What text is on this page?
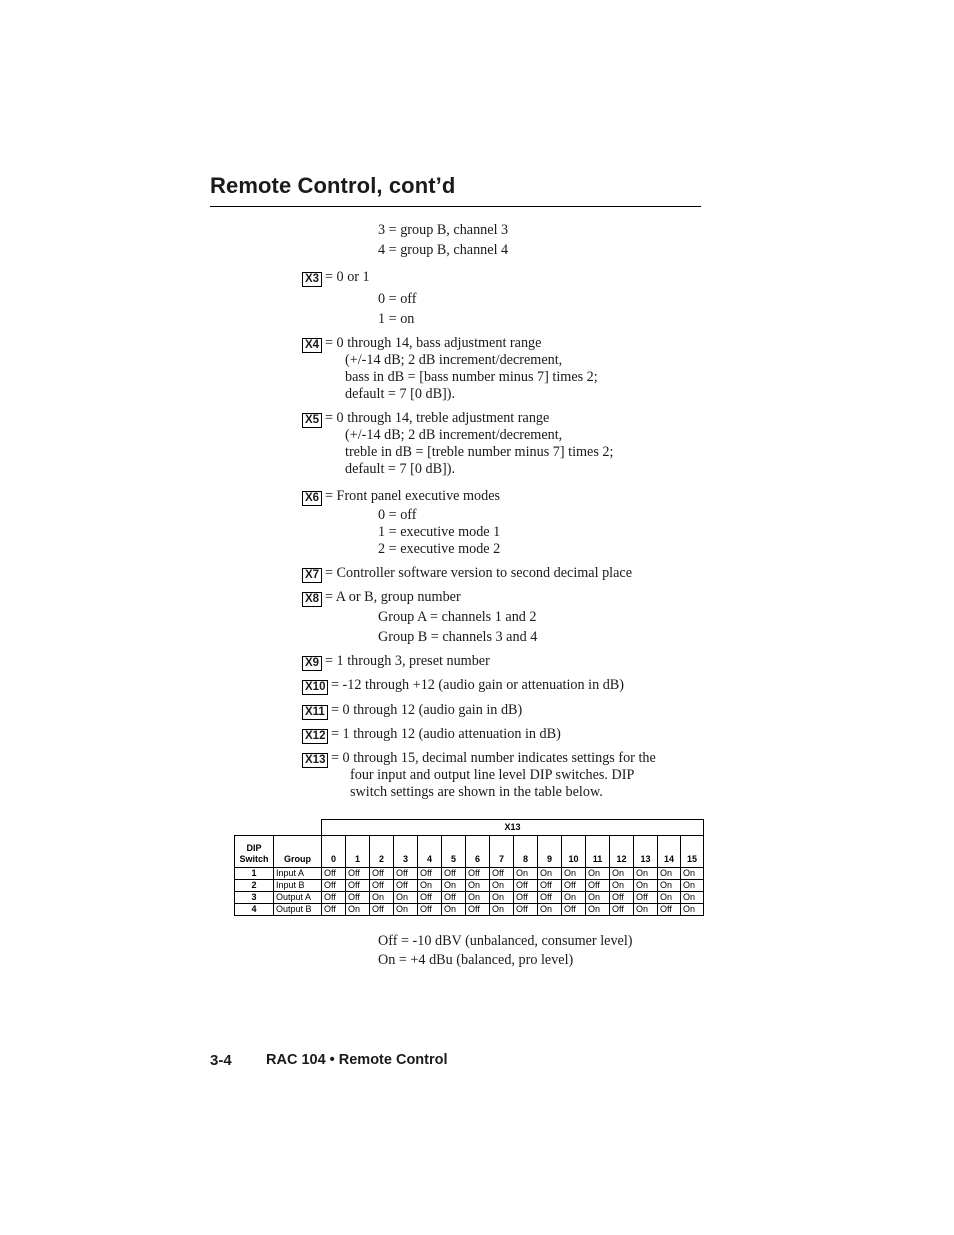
Remote Control, cont’d
3 = group B, channel 3
4 = group B, channel 4
X3 = 0 or 1
0 = off
1 = on
X4 = 0 through 14, bass adjustment range
(+/-14 dB; 2 dB increment/decrement,
bass in dB = [bass number minus 7] times 2;
default = 7 [0 dB]).
X5 = 0 through 14, treble adjustment range
(+/-14 dB; 2 dB increment/decrement,
treble in dB = [treble number minus 7] times 2;
default = 7 [0 dB]).
X6 = Front panel executive modes
0 = off
1 = executive mode 1
2 = executive mode 2
X7 = Controller software version to second decimal place
X8 = A or B, group number
Group A = channels 1 and 2
Group B = channels 3 and 4
X9 = 1 through 3, preset number
X10 = -12 through +12 (audio gain or attenuation in dB)
X11 = 0 through 12 (audio gain in dB)
X12 = 1 through 12 (audio attenuation in dB)
X13 = 0 through 15, decimal number indicates settings for the
four input and output line level DIP switches. DIP
switch settings are shown in the table below.
		X13															
DIP
Switch	Group	0	1	2	3	4	5	6	7	8	9	10	11	12	13	14	15
1	Input A	Off	Off	Off	Off	Off	Off	Off	Off	On	On	On	On	On	On	On	On
2	Input B	Off	Off	Off	Off	On	On	On	On	Off	Off	Off	Off	On	On	On	On
3	Output A	Off	Off	On	On	Off	Off	On	On	Off	Off	On	On	Off	Off	On	On
4	Output B	Off	On	Off	On	Off	On	Off	On	Off	On	Off	On	Off	On	Off	On
Off = -10 dBV (unbalanced, consumer level)
On = +4 dBu (balanced, pro level)
3-4 RAC 104 • Remote Control
